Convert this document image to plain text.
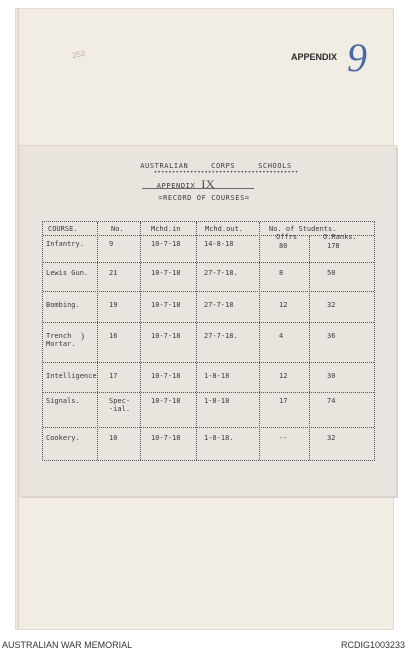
252	APPENDIX 9
AUSTRALIAN CORPS SCHOOLS
••••••••••••••••••••••••••••••••••••••••
APPENDIX IX
=RECORD OF COURSES=
COURSE.	No.	Mchd.in	Mchd.out.	No. of Students.
Offrs	O.Ranks.
Infantry.	9	10-7-18	14-8-18	80	178
Lewis Gun.	21	10-7-18	27-7-18.	8	50
Bombing.	19	10-7-18	27-7-18	12	32
Trench	16	10-7-18	27-7-18.	4	36
Mortar.
)
Intelligence 17	10-7-18	1-8-18	12	30
Signals.	Spec-	10-7-18	1-8-18	17	74
-ial.
Cookery.	10	10-7-18	1-8-18.	--	32
AUSTRALIAN WAR MEMORIAL	RCDIG1003233
